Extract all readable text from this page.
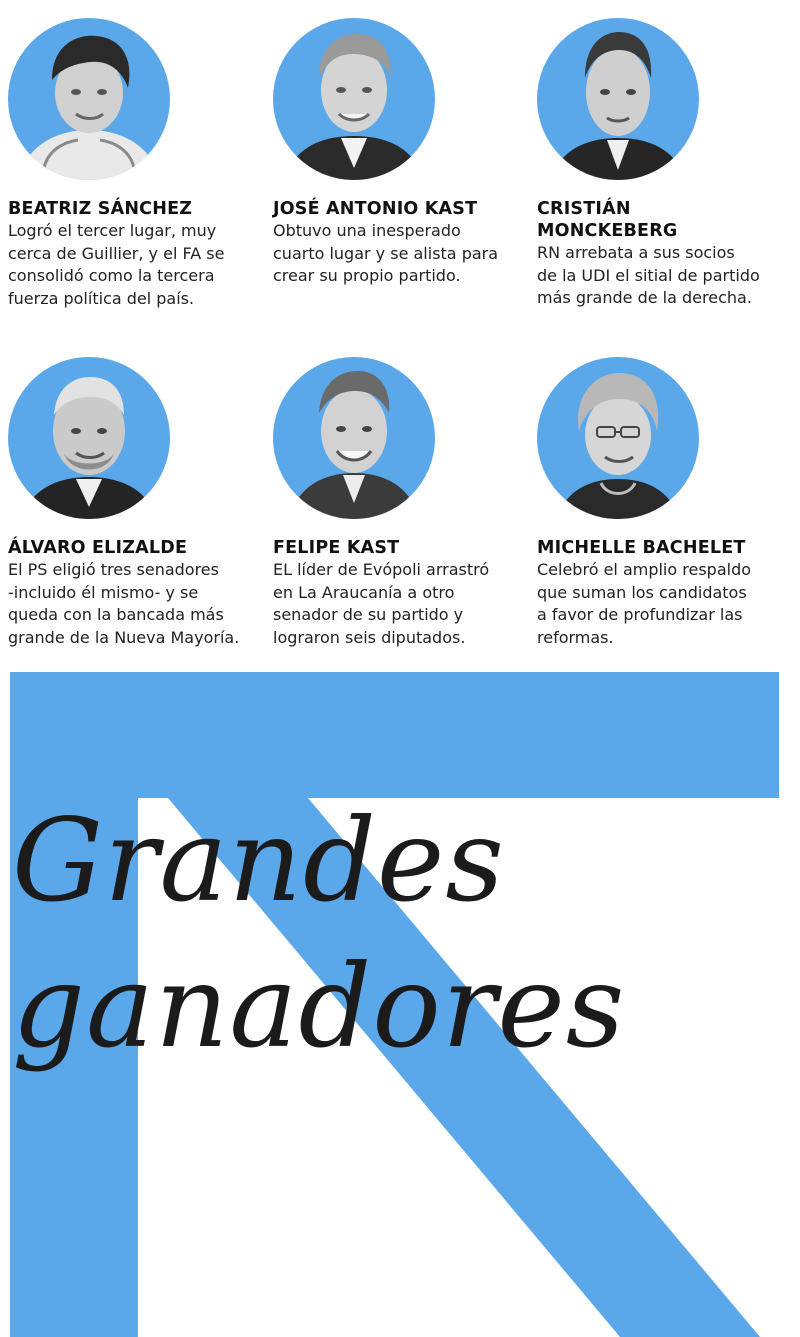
BEATRIZ SÁNCHEZ

Logró el tercer lugar, muy
cerca de Guillier, y el FA se
consolidó como la tercera
fuerza política del país.

JOSÉ ANTONIO KAST

Obtuvo una inesperado
cuarto lugar y se alista para
crear su propio partido.

CRISTIÁN
MONCKEBERG

RN arrebata a sus socios
de la UDI el sitial de partido
más grande de la derecha.

ÁLVARO ELIZALDE

El PS eligió tres senadores
-incluido él mismo- y se
queda con la bancada más
grande de la Nueva Mayoría.

FELIPE KAST

EL líder de Evópoli arrastró
en La Araucanía a otro
senador de su partido y
lograron seis diputados.

MICHELLE BACHELET

Celebró el amplio respaldo
que suman los candidatos
a favor de profundizar las
reformas.

Grandes
ganadores
